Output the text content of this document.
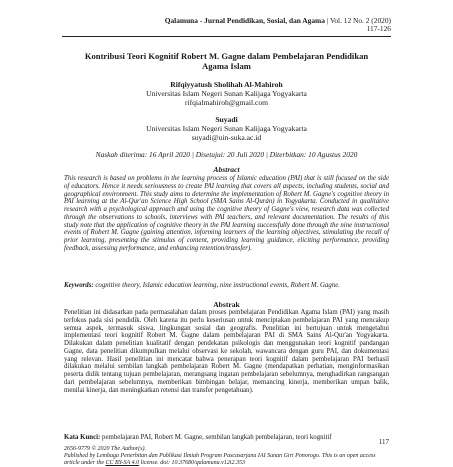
Qalamuna - Jurnal Pendidikan, Sosial, dan Agama | Vol. 12 No. 2 (2020)
117-126
Kontribusi Teori Kognitif Robert M. Gagne dalam Pembelajaran Pendidikan Agama Islam
Rifqiyyatush Sholihah Al-Mahiroh
Universitas Islam Negeri Sunan Kalijaga Yogyakarta
rifqialmahiroh@gmail.com
Suyadi
Universitas Islam Negeri Sunan Kalijaga Yogyakarta
suyadi@uin-suka.ac.id
Naskah diterima: 16 April 2020 | Disetujui: 20 Juli 2020 | Diterbitkan: 10 Agustus 2020
Abstract
This research is based on problems in the learning process of Islamic education (PAI) that is still focused on the side of educators. Hence it needs seriousness to create PAI learning that covers all aspects, including students, social and geographical environment. This study aims to determine the implementation of Robert M. Gagne's cognitive theory in PAI learning at the Al-Qur'an Science High School (SMA Sains Al-Qurán) in Yogyakarta. Conducted in qualitative research with a psychological approach and using the cognitive theory of Gagne's view, research data was collected through the observations to schools, interviews with PAI teachers, and relevant documentation. The results of this study note that the application of cognitive theory in the PAI learning successfully done through the nine instructional events of Robert M. Gagne (gaining attention, informing learners of the learning objectives, stimulating the recall of prior learning, presenting the stimulus of content, providing learning guidance, eliciting performance, providing feedback, assessing performance, and enhancing retention/transfer).
Keywords: cognitive theory, Islamic education learning, nine instructional events, Robert M. Gagne.
Abstrak
Penelitian ini didasarkan pada permasalahan dalam proses pembelajaran Pendidikan Agama Islam (PAI) yang masih terfokus pada sisi pendidik. Oleh karena itu perlu keseriusan untuk menciptakan pembelajaran PAI yang mencakup semua aspek, termasuk siswa, lingkungan sosial dan geografis. Penelitian ini bertujuan untuk mengetahui implementasi teori kognitif Robert M. Gagne dalam pembelajaran PAI di SMA Sains Al-Qur'an Yogyakarta. Dilakukan dalam penelitian kualitatif dengan pendekatan psikologis dan menggunakan teori kognitif pandangan Gagne, data penelitian dikumpulkan melalui observasi ke sekolah, wawancara dengan guru PAI, dan dokumentasi yang relevan. Hasil penelitian ini mencatat bahwa penerapan teori kognitif dalam pembelajaran PAI berhasil dilakukan melalui sembilan langkah pembelajaran Robert M. Gagne (mendapatkan perhatian, menginformasikan peserta didik tentang tujuan pembelajaran, merangsang ingatan pembelajaran sebelumnya, menghadirkan rangsangan dari pembelajaran sebelumnya, memberikan bimbingan belajar, memancing kinerja, memberikan umpan balik, menilai kinerja, dan meningkatkan retensi dan transfer pengetahuan).
Kata Kunci: pembelajaran PAI, Robert M. Gagne, sembilan langkah pembelajaran, teori kognitif
2656-9779 © 2020 The Author(s).
Published by Lembaga Penerbitan dan Publikasi Ilmiah Program Pascasarjana IAI Sunan Giri Ponorogo. This is an open access article under the CC BY-SA 4.0 license. doi: 10.37680/qalamuna.v12i2.353
117
